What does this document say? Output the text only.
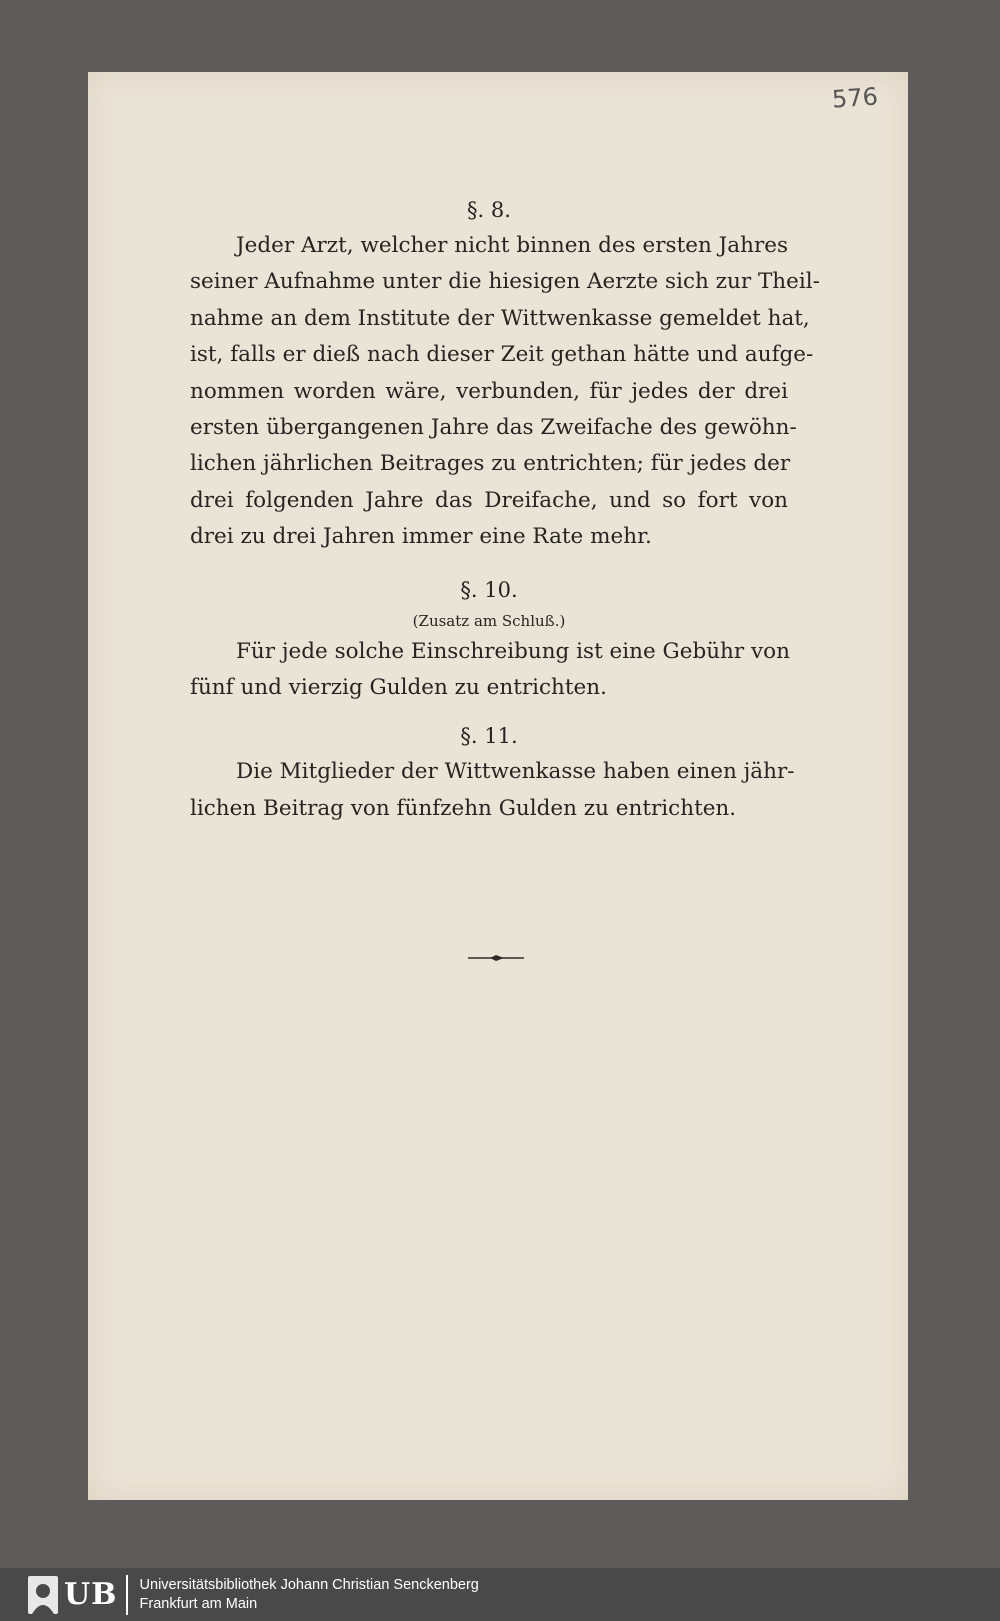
576

§. 8.

Jeder Arzt, welcher nicht binnen des ersten Jahres
seiner Aufnahme unter die hiesigen Aerzte sich zur Theil-
nahme an dem Institute der Wittwenkasse gemeldet hat,
ist, falls er dieß nach dieser Zeit gethan hätte und aufge-
nommen worden wäre, verbunden, für jedes der drei
ersten übergangenen Jahre das Zweifache des gewöhn-
lichen jährlichen Beitrages zu entrichten; für jedes der
drei folgenden Jahre das Dreifache, und so fort von
drei zu drei Jahren immer eine Rate mehr.

§. 10.

(Zusatz am Schluß.)

Für jede solche Einschreibung ist eine Gebühr von
fünf und vierzig Gulden zu entrichten.

§. 11.

Die Mitglieder der Wittwenkasse haben einen jähr-
lichen Beitrag von fünfzehn Gulden zu entrichten.
UB Universitätsbibliothek Johann Christian Senckenberg
Frankfurt am Main
